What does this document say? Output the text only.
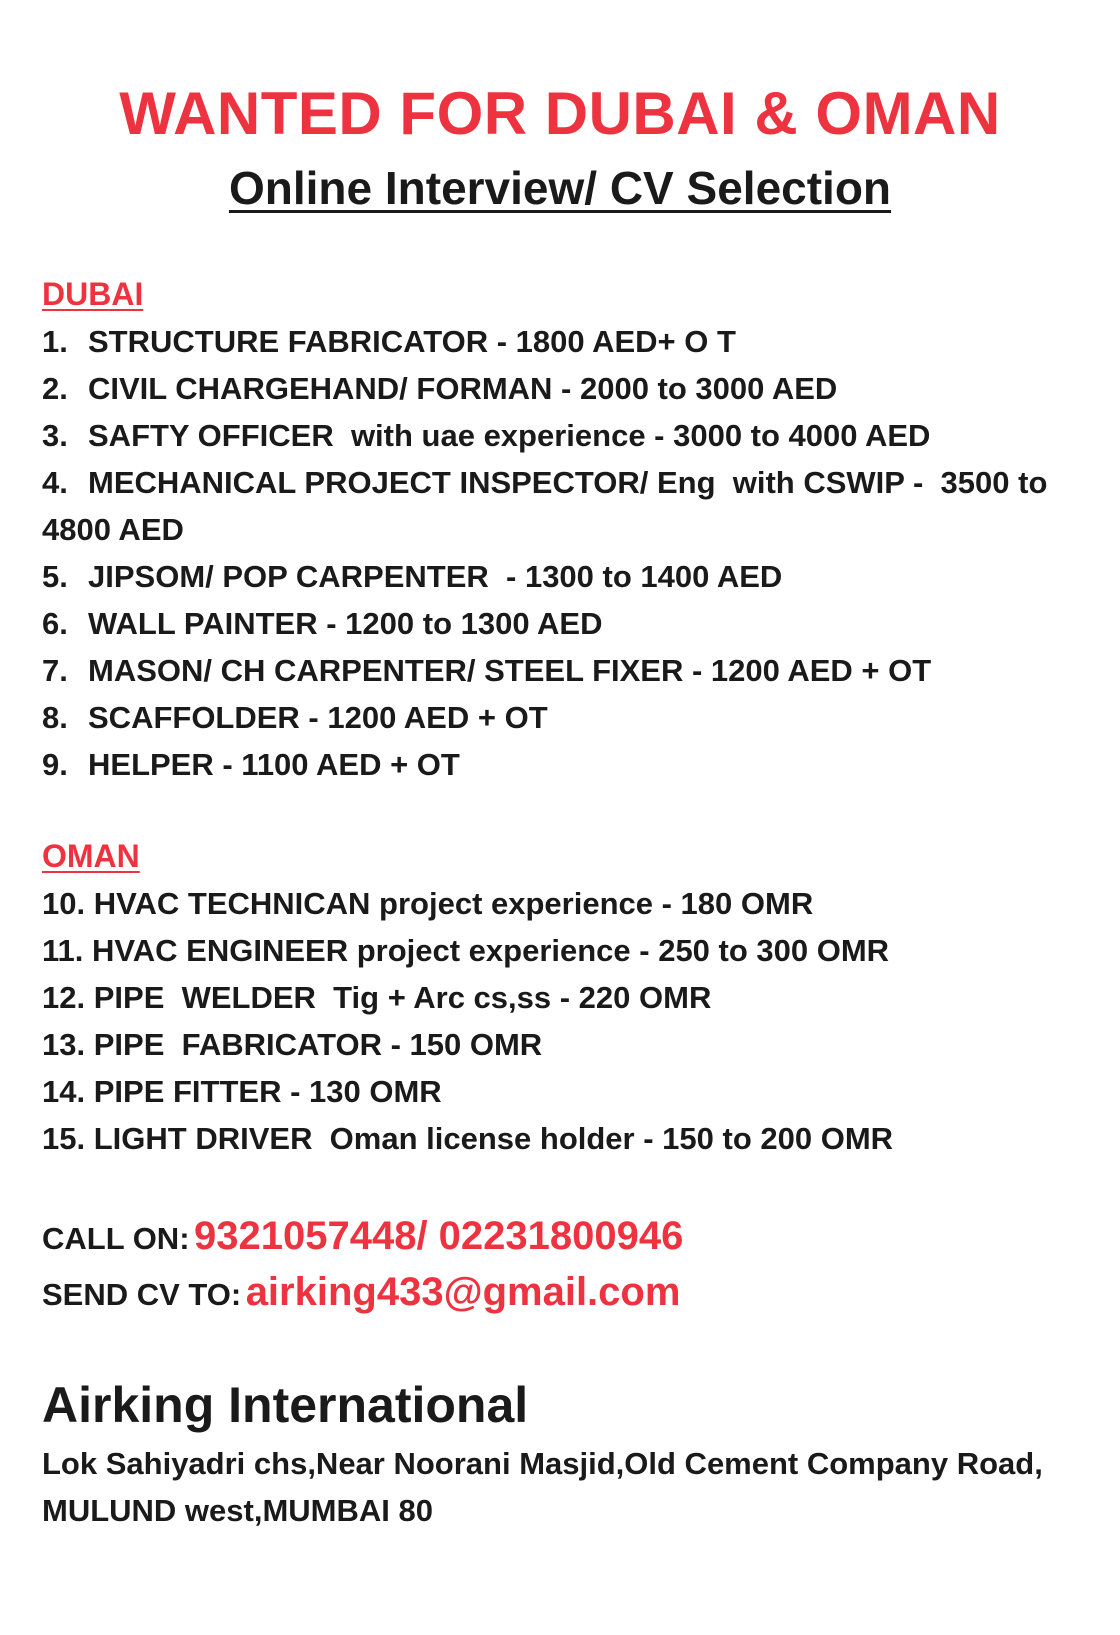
WANTED FOR DUBAI & OMAN
Online Interview/ CV Selection
DUBAI
1. STRUCTURE FABRICATOR - 1800 AED+ O T
2. CIVIL CHARGEHAND/ FORMAN - 2000 to 3000 AED
3. SAFTY OFFICER  with uae experience - 3000 to 4000 AED
4. MECHANICAL PROJECT INSPECTOR/ Eng  with CSWIP -  3500 to 4800 AED
5. JIPSOM/ POP CARPENTER  - 1300 to 1400 AED
6. WALL PAINTER - 1200 to 1300 AED
7. MASON/ CH CARPENTER/ STEEL FIXER - 1200 AED + OT
8. SCAFFOLDER - 1200 AED + OT
9. HELPER - 1100 AED + OT
OMAN
10. HVAC TECHNICAN project experience - 180 OMR
11. HVAC ENGINEER project experience - 250 to 300 OMR
12. PIPE  WELDER  Tig + Arc cs,ss - 220 OMR
13. PIPE  FABRICATOR - 150 OMR
14. PIPE FITTER - 130 OMR
15. LIGHT DRIVER  Oman license holder - 150 to 200 OMR

CALL ON: 9321057448/ 02231800946

SEND CV TO: airking433@gmail.com

Airking International

Lok Sahiyadri chs,Near Noorani Masjid,Old Cement Company Road, MULUND west,MUMBAI 80
